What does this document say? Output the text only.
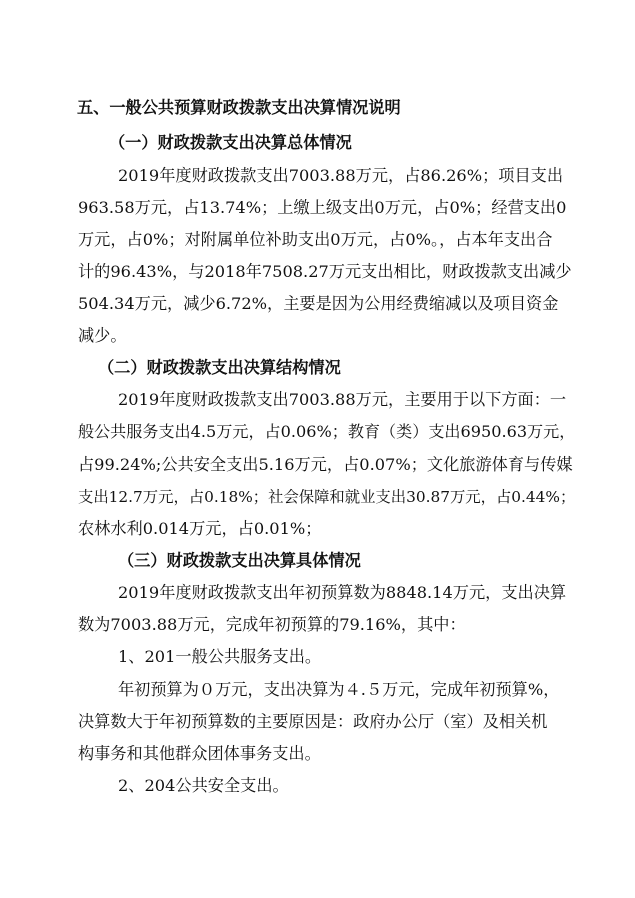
五、一般公共预算财政拨款支出决算情况说明
（一）财政拨款支出决算总体情况
2019年度财政拨款支出7003.88万元，占86.26%；项目支出
963.58万元，占13.74%；上缴上级支出0万元，占0%；经营支出0
万元，占0%；对附属单位补助支出0万元，占0%。，占本年支出合
计的96.43%，与2018年7508.27万元支出相比，财政拨款支出减少
504.34万元，减少6.72%，主要是因为公用经费缩减以及项目资金
减少。
（二）财政拨款支出决算结构情况
2019年度财政拨款支出7003.88万元，主要用于以下方面：一
般公共服务支出4.5万元，占0.06%；教育（类）支出6950.63万元，
占99.24%;公共安全支出5.16万元，占0.07%；文化旅游体育与传媒
支出12.7万元，占0.18%；社会保障和就业支出30.87万元，占0.44%；
农林水利0.014万元，占0.01%；
（三）财政拨款支出决算具体情况
2019年度财政拨款支出年初预算数为8848.14万元，支出决算
数为7003.88万元，完成年初预算的79.16%，其中：
1、201一般公共服务支出。
年初预算为０万元，支出决算为４.５万元，完成年初预算%，
决算数大于年初预算数的主要原因是：政府办公厅（室）及相关机
构事务和其他群众团体事务支出。
2、204公共安全支出。
